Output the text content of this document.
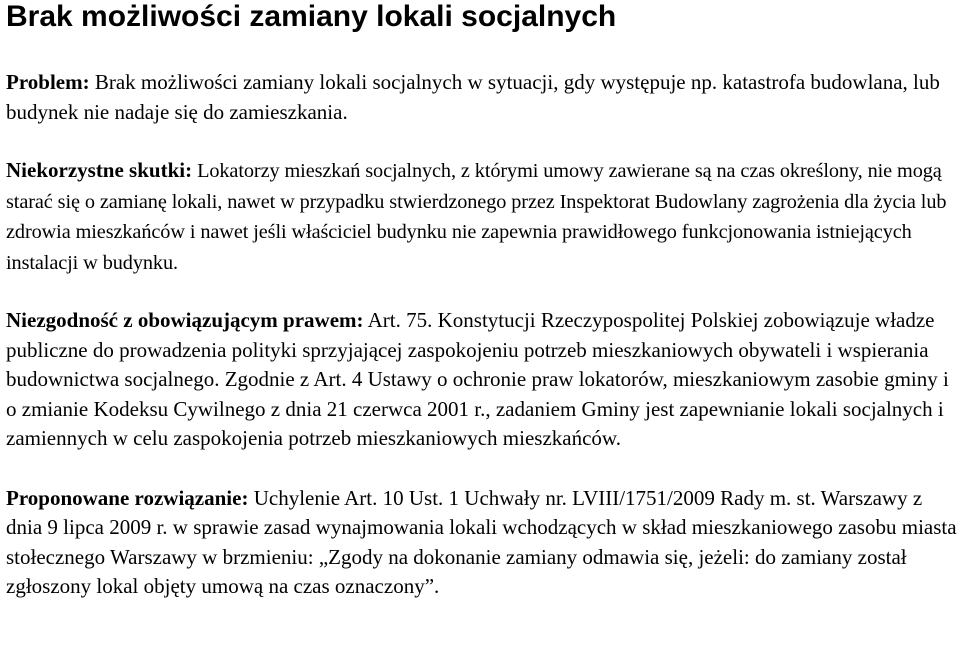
Brak możliwości zamiany lokali socjalnych

Problem: Brak możliwości zamiany lokali socjalnych w sytuacji, gdy występuje np. katastrofa budowlana, lub budynek nie nadaje się do zamieszkania.

Niekorzystne skutki: Lokatorzy mieszkań socjalnych, z którymi umowy zawierane są na czas określony, nie mogą starać się o zamianę lokali, nawet w przypadku stwierdzonego przez Inspektorat Budowlany zagrożenia dla życia lub zdrowia mieszkańców i nawet jeśli właściciel budynku nie zapewnia prawidłowego funkcjonowania istniejących instalacji w budynku.

Niezgodność z obowiązującym prawem: Art. 75. Konstytucji Rzeczypospolitej Polskiej zobowiązuje władze publiczne do prowadzenia polityki sprzyjającej zaspokojeniu potrzeb mieszkaniowych obywateli i wspierania budownictwa socjalnego. Zgodnie z Art. 4 Ustawy o ochronie praw lokatorów, mieszkaniowym zasobie gminy i o zmianie Kodeksu Cywilnego z dnia 21 czerwca 2001 r., zadaniem Gminy jest zapewnianie lokali socjalnych i zamiennych w celu zaspokojenia potrzeb mieszkaniowych mieszkańców.

Proponowane rozwiązanie: Uchylenie Art. 10 Ust. 1 Uchwały nr. LVIII/1751/2009 Rady m. st. Warszawy z dnia 9 lipca 2009 r. w sprawie zasad wynajmowania lokali wchodzących w skład mieszkaniowego zasobu miasta stołecznego Warszawy w brzmieniu: „Zgody na dokonanie zamiany odmawia się, jeżeli: do zamiany został zgłoszony lokal objęty umową na czas oznaczony”.
